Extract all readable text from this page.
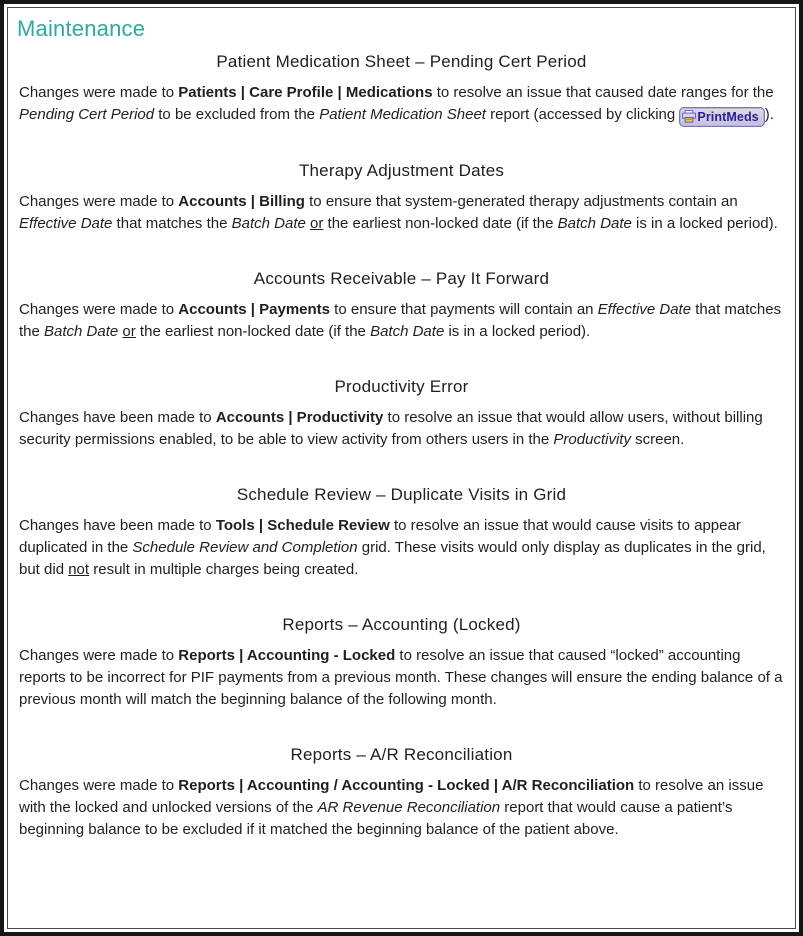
Maintenance
Patient Medication Sheet – Pending Cert Period

Changes were made to Patients | Care Profile | Medications to resolve an issue that caused date ranges for the Pending Cert Period to be excluded from the Patient Medication Sheet report (accessed by clicking PrintMeds ).

Therapy Adjustment Dates

Changes were made to Accounts | Billing to ensure that system-generated therapy adjustments contain an Effective Date that matches the Batch Date or the earliest non-locked date (if the Batch Date is in a locked period).

Accounts Receivable – Pay It Forward

Changes were made to Accounts | Payments to ensure that payments will contain an Effective Date that matches the Batch Date or the earliest non-locked date (if the Batch Date is in a locked period).

Productivity Error

Changes have been made to Accounts | Productivity to resolve an issue that would allow users, without billing security permissions enabled, to be able to view activity from others users in the Productivity screen.

Schedule Review – Duplicate Visits in Grid

Changes have been made to Tools | Schedule Review to resolve an issue that would cause visits to appear duplicated in the Schedule Review and Completion grid. These visits would only display as duplicates in the grid, but did not result in multiple charges being created.

Reports – Accounting (Locked)

Changes were made to Reports | Accounting - Locked to resolve an issue that caused “locked” accounting reports to be incorrect for PIF payments from a previous month. These changes will ensure the ending balance of a previous month will match the beginning balance of the following month.

Reports – A/R Reconciliation

Changes were made to Reports | Accounting / Accounting - Locked | A/R Reconciliation to resolve an issue with the locked and unlocked versions of the AR Revenue Reconciliation report that would cause a patient’s beginning balance to be excluded if it matched the beginning balance of the patient above.
